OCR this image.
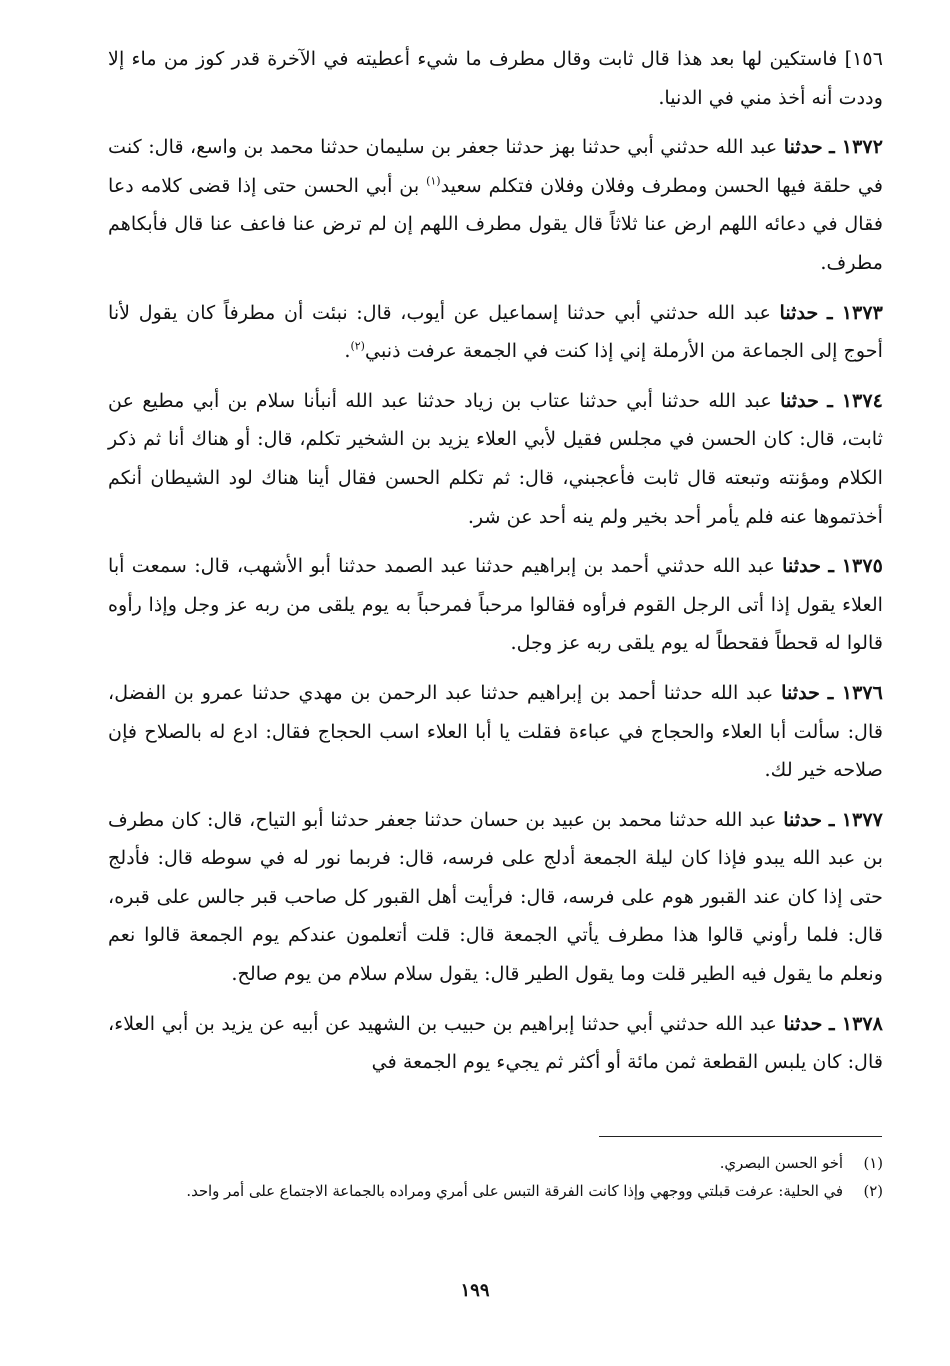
١٥٦] فاستكين لها بعد هذا قال ثابت وقال مطرف ما شيء أعطيته في الآخرة قدر كوز من ماء إلا وددت أنه أخذ مني في الدنيا.

١٣٧٢ ـ حدثنا عبد الله حدثني أبي حدثنا بهز حدثنا جعفر بن سليمان حدثنا محمد بن واسع، قال: كنت في حلقة فيها الحسن ومطرف وفلان وفلان فتكلم سعيد$^{(١)}$ بن أبي الحسن حتى إذا قضى كلامه دعا فقال في دعائه اللهم ارض عنا ثلاثاً قال يقول مطرف اللهم إن لم ترض عنا فاعف عنا قال فأبكاهم مطرف.

١٣٧٣ ـ حدثنا عبد الله حدثني أبي حدثنا إسماعيل عن أيوب، قال: نبئت أن مطرفاً كان يقول لأنا أحوج إلى الجماعة من الأرملة إني إذا كنت في الجمعة عرفت ذنبي$^{(٢)}$.

١٣٧٤ ـ حدثنا عبد الله حدثنا أبي حدثنا عتاب بن زياد حدثنا عبد الله أنبأنا سلام بن أبي مطيع عن ثابت، قال: كان الحسن في مجلس فقيل لأبي العلاء يزيد بن الشخير تكلم، قال: أو هناك أنا ثم ذكر الكلام ومؤنته وتبعته قال ثابت فأعجبني، قال: ثم تكلم الحسن فقال أينا هناك لود الشيطان أنكم أخذتموها عنه فلم يأمر أحد بخير ولم ينه أحد عن شر.

١٣٧٥ ـ حدثنا عبد الله حدثني أحمد بن إبراهيم حدثنا عبد الصمد حدثنا أبو الأشهب، قال: سمعت أبا العلاء يقول إذا أتى الرجل القوم فرأوه فقالوا مرحباً فمرحباً به يوم يلقى من ربه عز وجل وإذا رأوه قالوا له قحطاً فقحطاً له يوم يلقى ربه عز وجل.

١٣٧٦ ـ حدثنا عبد الله حدثنا أحمد بن إبراهيم حدثنا عبد الرحمن بن مهدي حدثنا عمرو بن الفضل، قال: سألت أبا العلاء والحجاج في عباءة فقلت يا أبا العلاء اسب الحجاج فقال: ادع له بالصلاح فإن صلاحه خير لك.

١٣٧٧ ـ حدثنا عبد الله حدثنا محمد بن عبيد بن حسان حدثنا جعفر حدثنا أبو التياح، قال: كان مطرف بن عبد الله يبدو فإذا كان ليلة الجمعة أدلج على فرسه، قال: فربما نور له في سوطه قال: فأدلج حتى إذا كان عند القبور هوم على فرسه، قال: فرأيت أهل القبور كل صاحب قبر جالس على قبره، قال: فلما رأوني قالوا هذا مطرف يأتي الجمعة قال: قلت أتعلمون عندكم يوم الجمعة قالوا نعم ونعلم ما يقول فيه الطير قلت وما يقول الطير قال: يقول سلام سلام من يوم صالح.

١٣٧٨ ـ حدثنا عبد الله حدثني أبي حدثنا إبراهيم بن حبيب بن الشهيد عن أبيه عن يزيد بن أبي العلاء، قال: كان يلبس القطعة ثمن مائة أو أكثر ثم يجيء يوم الجمعة في

(١)
أخو الحسن البصري.
(٢)
في الحلية: عرفت قبلتي ووجهي وإذا كانت الفرقة التبس على أمري ومراده بالجماعة الاجتماع على أمر واحد.
١٩٩
